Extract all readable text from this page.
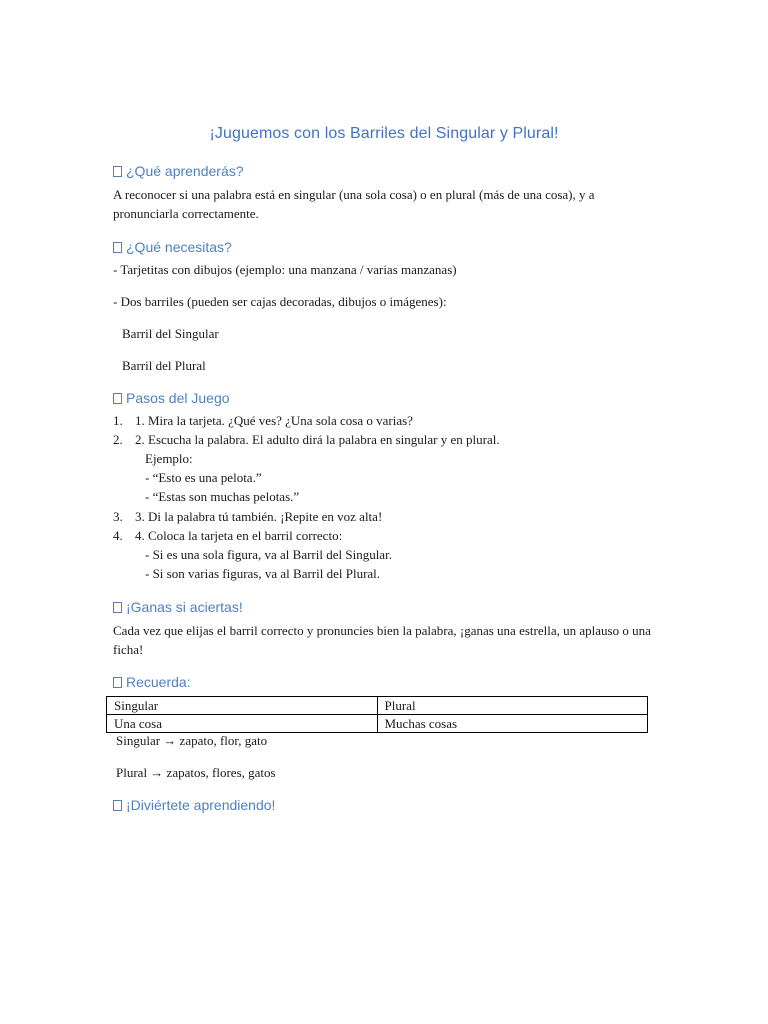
¡Juguemos con los Barriles del Singular y Plural!
¿Qué aprenderás?
A reconocer si una palabra está en singular (una sola cosa) o en plural (más de una cosa), y a pronunciarla correctamente.
¿Qué necesitas?
- Tarjetitas con dibujos (ejemplo: una manzana / varias manzanas)
- Dos barriles (pueden ser cajas decoradas, dibujos o imágenes):
Barril del Singular
Barril del Plural
Pasos del Juego
1. 1. Mira la tarjeta. ¿Qué ves? ¿Una sola cosa o varias?
2. 2. Escucha la palabra. El adulto dirá la palabra en singular y en plural.
Ejemplo:
- “Esto es una pelota.”
- “Estas son muchas pelotas.”
3. 3. Di la palabra tú también. ¡Repite en voz alta!
4. 4. Coloca la tarjeta en el barril correcto:
- Si es una sola figura, va al Barril del Singular.
- Si son varias figuras, va al Barril del Plural.
¡Ganas si aciertas!
Cada vez que elijas el barril correcto y pronuncies bien la palabra, ¡ganas una estrella, un aplauso o una ficha!
Recuerda:
Singular	Plural
Una cosa	Muchas cosas
Singular → zapato, flor, gato
Plural → zapatos, flores, gatos
¡Diviértete aprendiendo!
